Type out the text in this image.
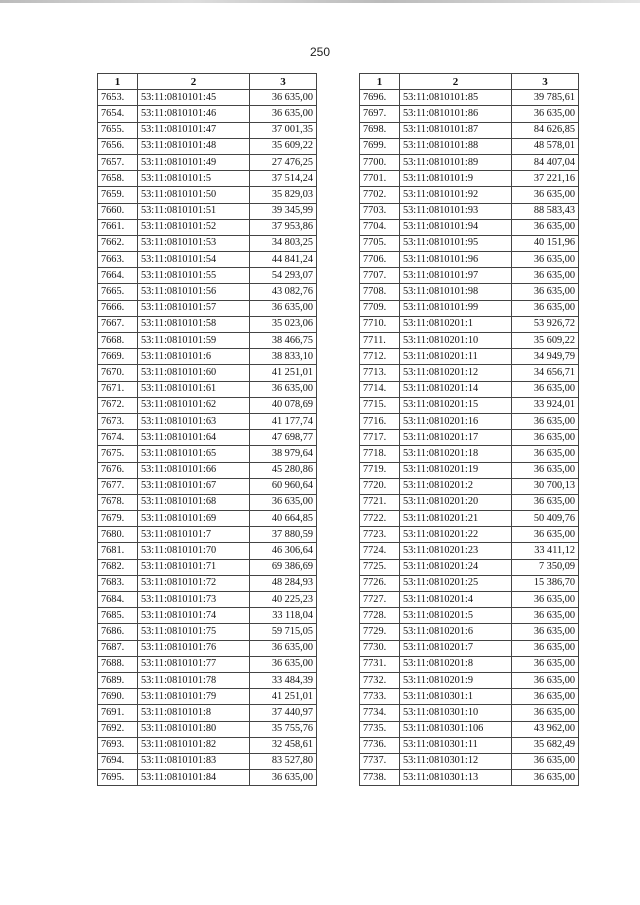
250
1	2	3
7653.	53:11:0810101:45	36 635,00
7654.	53:11:0810101:46	36 635,00
7655.	53:11:0810101:47	37 001,35
7656.	53:11:0810101:48	35 609,22
7657.	53:11:0810101:49	27 476,25
7658.	53:11:0810101:5	37 514,24
7659.	53:11:0810101:50	35 829,03
7660.	53:11:0810101:51	39 345,99
7661.	53:11:0810101:52	37 953,86
7662.	53:11:0810101:53	34 803,25
7663.	53:11:0810101:54	44 841,24
7664.	53:11:0810101:55	54 293,07
7665.	53:11:0810101:56	43 082,76
7666.	53:11:0810101:57	36 635,00
7667.	53:11:0810101:58	35 023,06
7668.	53:11:0810101:59	38 466,75
7669.	53:11:0810101:6	38 833,10
7670.	53:11:0810101:60	41 251,01
7671.	53:11:0810101:61	36 635,00
7672.	53:11:0810101:62	40 078,69
7673.	53:11:0810101:63	41 177,74
7674.	53:11:0810101:64	47 698,77
7675.	53:11:0810101:65	38 979,64
7676.	53:11:0810101:66	45 280,86
7677.	53:11:0810101:67	60 960,64
7678.	53:11:0810101:68	36 635,00
7679.	53:11:0810101:69	40 664,85
7680.	53:11:0810101:7	37 880,59
7681.	53:11:0810101:70	46 306,64
7682.	53:11:0810101:71	69 386,69
7683.	53:11:0810101:72	48 284,93
7684.	53:11:0810101:73	40 225,23
7685.	53:11:0810101:74	33 118,04
7686.	53:11:0810101:75	59 715,05
7687.	53:11:0810101:76	36 635,00
7688.	53:11:0810101:77	36 635,00
7689.	53:11:0810101:78	33 484,39
7690.	53:11:0810101:79	41 251,01
7691.	53:11:0810101:8	37 440,97
7692.	53:11:0810101:80	35 755,76
7693.	53:11:0810101:82	32 458,61
7694.	53:11:0810101:83	83 527,80
7695.	53:11:0810101:84	36 635,00
1	2	3
7696.	53:11:0810101:85	39 785,61
7697.	53:11:0810101:86	36 635,00
7698.	53:11:0810101:87	84 626,85
7699.	53:11:0810101:88	48 578,01
7700.	53:11:0810101:89	84 407,04
7701.	53:11:0810101:9	37 221,16
7702.	53:11:0810101:92	36 635,00
7703.	53:11:0810101:93	88 583,43
7704.	53:11:0810101:94	36 635,00
7705.	53:11:0810101:95	40 151,96
7706.	53:11:0810101:96	36 635,00
7707.	53:11:0810101:97	36 635,00
7708.	53:11:0810101:98	36 635,00
7709.	53:11:0810101:99	36 635,00
7710.	53:11:0810201:1	53 926,72
7711.	53:11:0810201:10	35 609,22
7712.	53:11:0810201:11	34 949,79
7713.	53:11:0810201:12	34 656,71
7714.	53:11:0810201:14	36 635,00
7715.	53:11:0810201:15	33 924,01
7716.	53:11:0810201:16	36 635,00
7717.	53:11:0810201:17	36 635,00
7718.	53:11:0810201:18	36 635,00
7719.	53:11:0810201:19	36 635,00
7720.	53:11:0810201:2	30 700,13
7721.	53:11:0810201:20	36 635,00
7722.	53:11:0810201:21	50 409,76
7723.	53:11:0810201:22	36 635,00
7724.	53:11:0810201:23	33 411,12
7725.	53:11:0810201:24	7 350,09
7726.	53:11:0810201:25	15 386,70
7727.	53:11:0810201:4	36 635,00
7728.	53:11:0810201:5	36 635,00
7729.	53:11:0810201:6	36 635,00
7730.	53:11:0810201:7	36 635,00
7731.	53:11:0810201:8	36 635,00
7732.	53:11:0810201:9	36 635,00
7733.	53:11:0810301:1	36 635,00
7734.	53:11:0810301:10	36 635,00
7735.	53:11:0810301:106	43 962,00
7736.	53:11:0810301:11	35 682,49
7737.	53:11:0810301:12	36 635,00
7738.	53:11:0810301:13	36 635,00
